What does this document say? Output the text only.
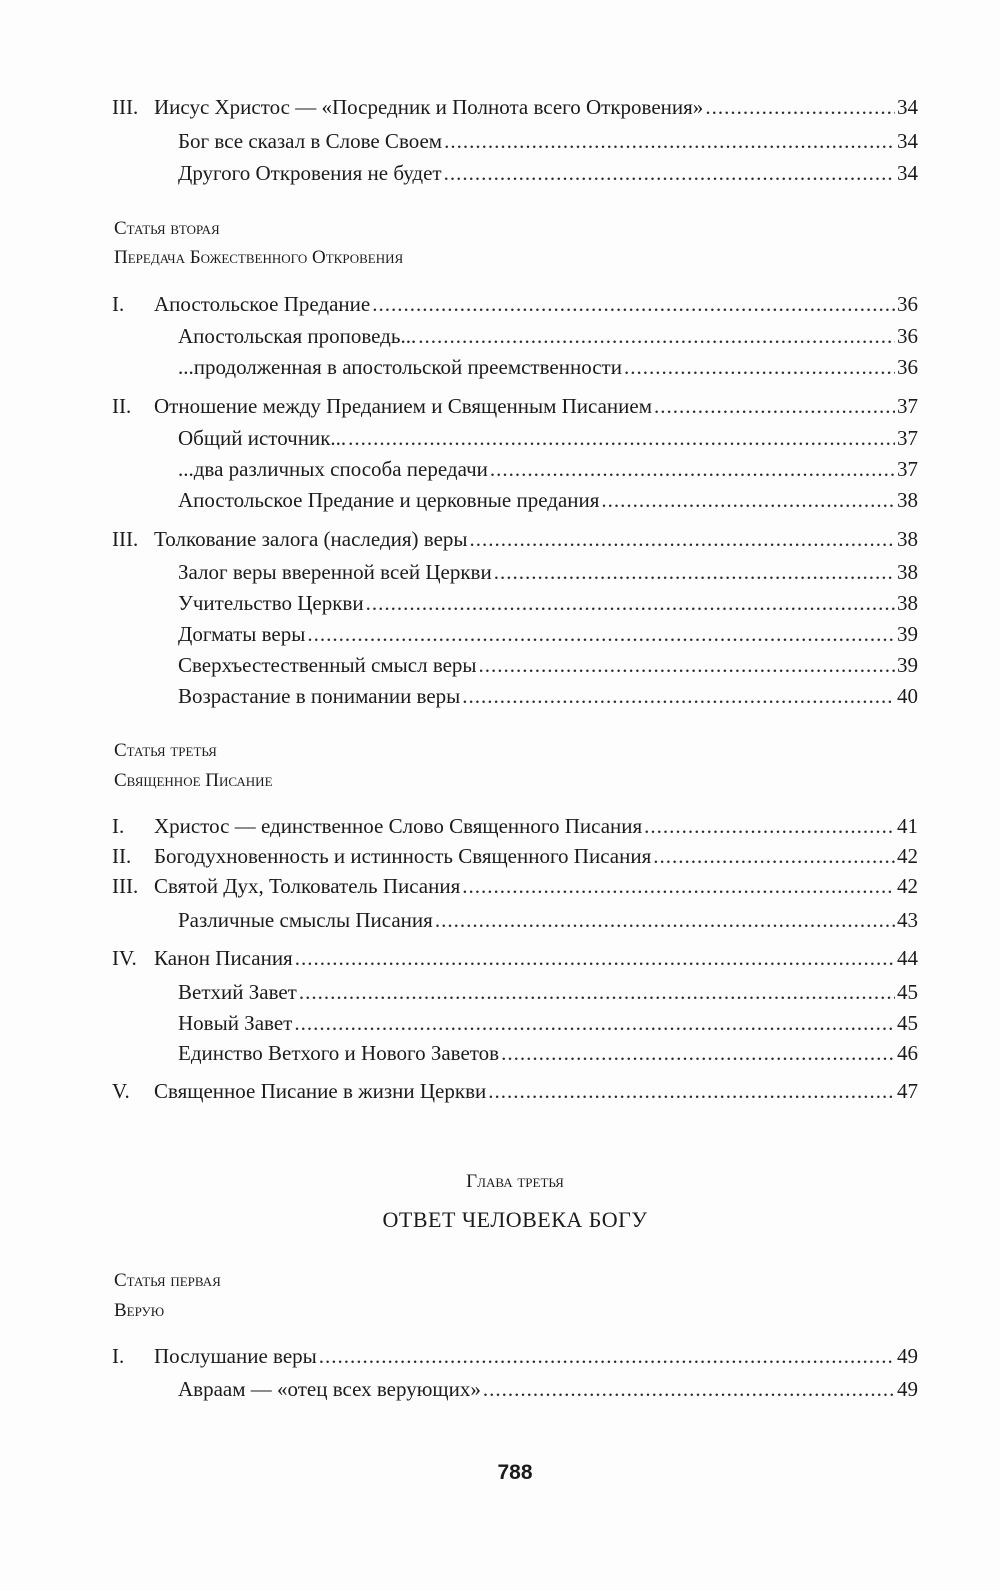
III. Иисус Христос — «Посредник и Полнота всего Откровения» .....	34
Бог все сказал в Слове Своем .....	34
Другого Откровения не будет .....	34
Статья вторая
Передача Божественного Откровения
I.	Апостольское Предание .....	36
Апостольская проповедь... .....	36
...продолженная в апостольской преемственности .....	36
II.	Отношение между Преданием и Священным Писанием .....	37
Общий источник... .....	37
...два различных способа передачи .....	37
Апостольское Предание и церковные предания .....	38
III. Толкование залога (наследия) веры .....	38
Залог веры вверенной всей Церкви .....	38
Учительство Церкви .....	38
Догматы веры .....	39
Сверхъестественный смысл веры .....	39
Возрастание в понимании веры .....	40
Статья третья
Священное Писание
I.	Христос — единственное Слово Священного Писания .....	41
II.	Богодухновенность и истинность Священного Писания .....	42
III. Святой Дух, Толкователь Писания .....	42
Различные смыслы Писания .....	43
IV. Канон Писания .....	44
Ветхий Завет .....	45
Новый Завет .....	45
Единство Ветхого и Нового Заветов .....	46
V.	Священное Писание в жизни Церкви .....	47
Глава третья
ОТВЕТ ЧЕЛОВЕКА БОГУ
Статья первая
Верую
I.	Послушание веры .....	49
Авраам — «отец всех верующих» .....	49
788
